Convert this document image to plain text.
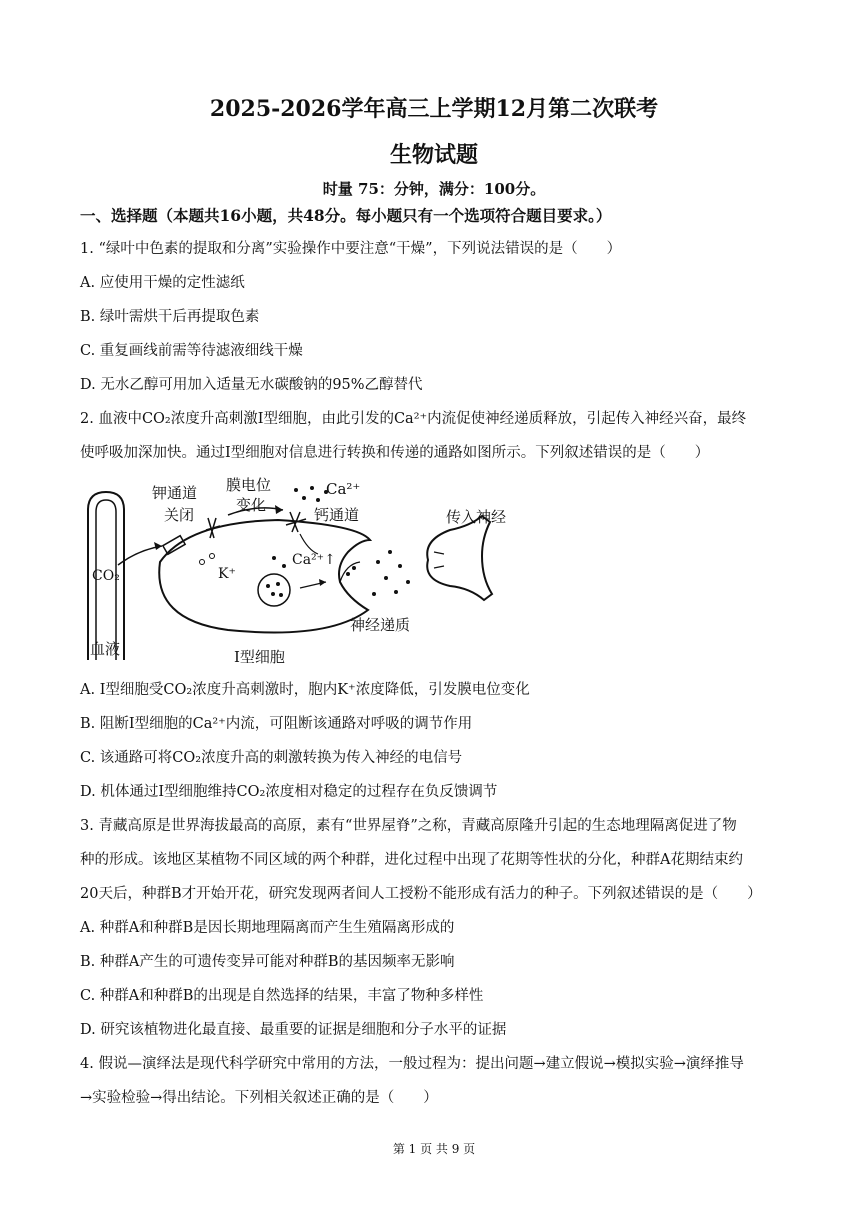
2025-2026学年高三上学期12月第二次联考
生物试题
时量 75：分钟，满分：100分。
一、选择题（本题共16小题，共48分。每小题只有一个选项符合题目要求。）
1. “绿叶中色素的提取和分离”实验操作中要注意“干燥”，下列说法错误的是（　　）
A. 应使用干燥的定性滤纸
B. 绿叶需烘干后再提取色素
C. 重复画线前需等待滤液细线干燥
D. 无水乙醇可用加入适量无水碳酸钠的95%乙醇替代
2. 血液中CO₂浓度升高刺激Ⅰ型细胞，由此引发的Ca²⁺内流促使神经递质释放，引起传入神经兴奋，最终
使呼吸加深加快。通过Ⅰ型细胞对信息进行转换和传递的通路如图所示。下列叙述错误的是（　　）
钾通道
关闭
膜电位
变化
Ca²⁺
钙通道	传入神经
CO₂	K⁺
Ca²⁺↑
神经递质
血液	Ⅰ型细胞
A. Ⅰ型细胞受CO₂浓度升高刺激时，胞内K⁺浓度降低，引发膜电位变化
B. 阻断Ⅰ型细胞的Ca²⁺内流，可阻断该通路对呼吸的调节作用
C. 该通路可将CO₂浓度升高的刺激转换为传入神经的电信号
D. 机体通过Ⅰ型细胞维持CO₂浓度相对稳定的过程存在负反馈调节
3. 青藏高原是世界海拔最高的高原，素有“世界屋脊”之称，青藏高原隆升引起的生态地理隔离促进了物
种的形成。该地区某植物不同区域的两个种群，进化过程中出现了花期等性状的分化，种群A花期结束约
20天后，种群B才开始开花，研究发现两者间人工授粉不能形成有活力的种子。下列叙述错误的是（　　）
A. 种群A和种群B是因长期地理隔离而产生生殖隔离形成的
B. 种群A产生的可遗传变异可能对种群B的基因频率无影响
C. 种群A和种群B的出现是自然选择的结果，丰富了物种多样性
D. 研究该植物进化最直接、最重要的证据是细胞和分子水平的证据
4. 假说—演绎法是现代科学研究中常用的方法，一般过程为：提出问题→建立假说→模拟实验→演绎推导
→实验检验→得出结论。下列相关叙述正确的是（　　）
第 1 页 共 9 页
